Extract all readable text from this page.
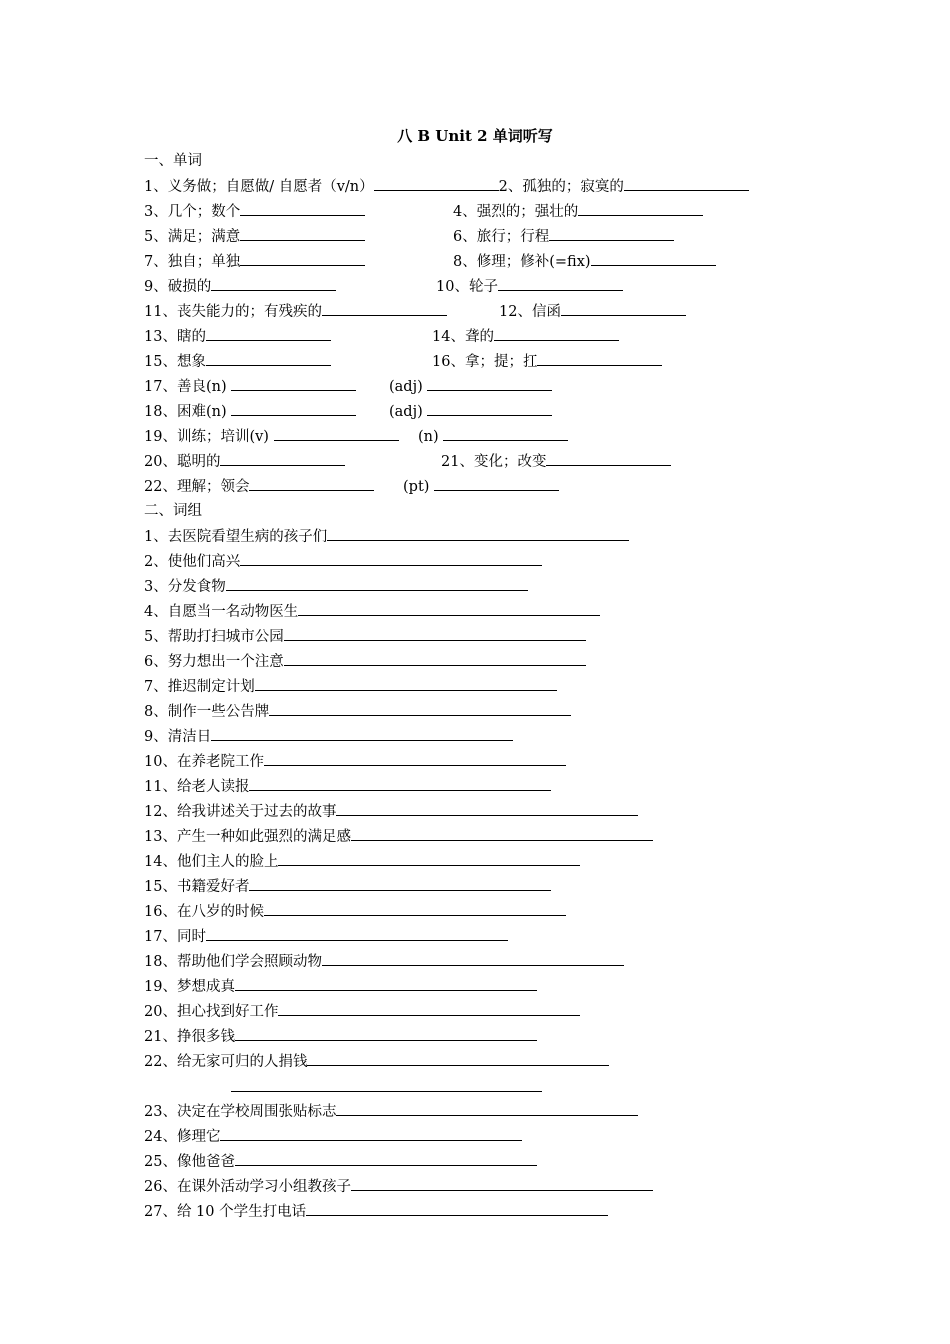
八 B Unit 2 单词听写
一、单词
1、义务做；自愿做/ 自愿者（v/n）	2、孤独的；寂寞的
3、几个；数个	4、强烈的；强壮的
5、满足；满意	6、旅行；行程
7、独自；单独	8、修理；修补(=fix)
9、破损的	10、轮子
11、丧失能力的；有残疾的	12、信函
13、瞎的	14、聋的
15、想象	16、拿；提；扛
17、善良(n)	(adj)
18、困难(n)	(adj)
19、训练；培训(v)	(n)
20、聪明的	21、变化；改变
22、理解；领会	(pt)
二、词组
1、去医院看望生病的孩子们
2、使他们高兴
3、分发食物
4、自愿当一名动物医生
5、帮助打扫城市公园
6、努力想出一个注意
7、推迟制定计划
8、制作一些公告牌
9、清洁日
10、在养老院工作
11、给老人读报
12、给我讲述关于过去的故事
13、产生一种如此强烈的满足感
14、他们主人的脸上
15、书籍爱好者
16、在八岁的时候
17、同时
18、帮助他们学会照顾动物
19、梦想成真
20、担心找到好工作
21、挣很多钱
22、给无家可归的人捐钱
23、决定在学校周围张贴标志
24、修理它
25、像他爸爸
26、在课外活动学习小组教孩子
27、给 10 个学生打电话
